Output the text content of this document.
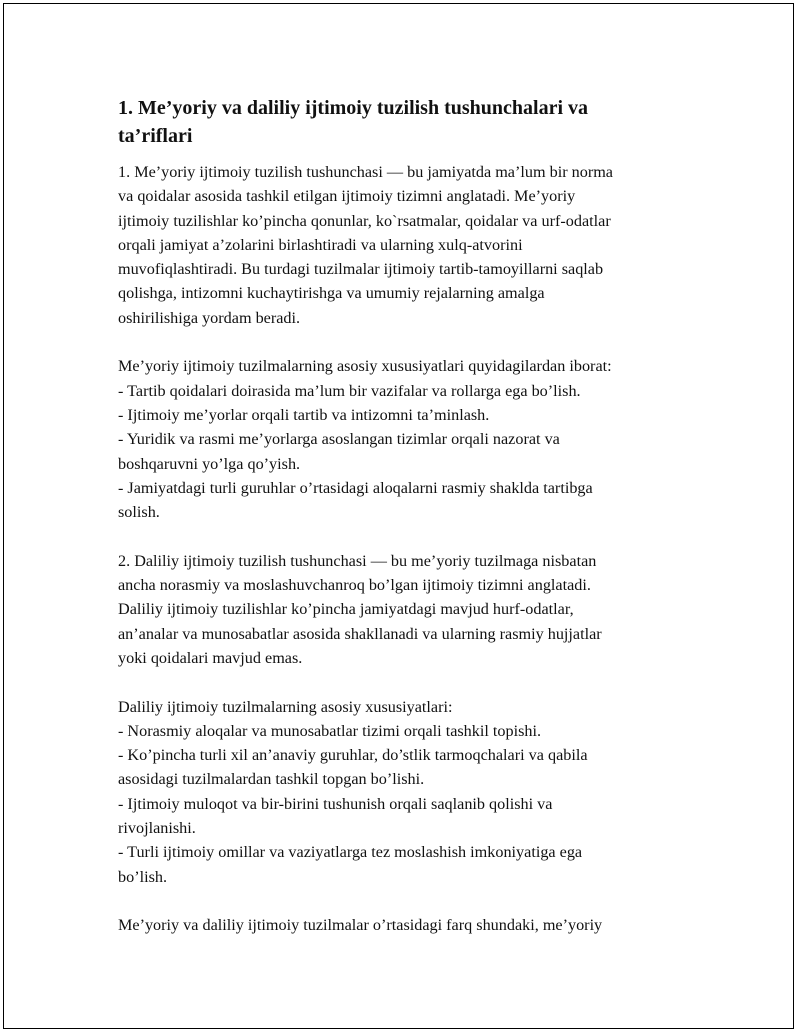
1. Me’yoriy va daliliy ijtimoiy tuzilish tushunchalari va
ta’riflari
1. Me’yoriy ijtimoiy tuzilish tushunchasi — bu jamiyatda ma’lum bir norma
va qoidalar asosida tashkil etilgan ijtimoiy tizimni anglatadi. Me’yoriy
ijtimoiy tuzilishlar ko’pincha qonunlar, ko`rsatmalar, qoidalar va urf-odatlar
orqali jamiyat a’zolarini birlashtiradi va ularning xulq-atvorini
muvofiqlashtiradi. Bu turdagi tuzilmalar ijtimoiy tartib-tamoyillarni saqlab
qolishga, intizomni kuchaytirishga va umumiy rejalarning amalga
oshirilishiga yordam beradi.
Me’yoriy ijtimoiy tuzilmalarning asosiy xususiyatlari quyidagilardan iborat:
- Tartib qoidalari doirasida ma’lum bir vazifalar va rollarga ega bo’lish.
- Ijtimoiy me’yorlar orqali tartib va intizomni ta’minlash.
- Yuridik va rasmi me’yorlarga asoslangan tizimlar orqali nazorat va
boshqaruvni yo’lga qo’yish.
- Jamiyatdagi turli guruhlar o’rtasidagi aloqalarni rasmiy shaklda tartibga
solish.
2. Daliliy ijtimoiy tuzilish tushunchasi — bu me’yoriy tuzilmaga nisbatan
ancha norasmiy va moslashuvchanroq bo’lgan ijtimoiy tizimni anglatadi.
Daliliy ijtimoiy tuzilishlar ko’pincha jamiyatdagi mavjud hurf-odatlar,
an’analar va munosabatlar asosida shakllanadi va ularning rasmiy hujjatlar
yoki qoidalari mavjud emas.
Daliliy ijtimoiy tuzilmalarning asosiy xususiyatlari:
- Norasmiy aloqalar va munosabatlar tizimi orqali tashkil topishi.
- Ko’pincha turli xil an’anaviy guruhlar, do’stlik tarmoqchalari va qabila
asosidagi tuzilmalardan tashkil topgan bo’lishi.
- Ijtimoiy muloqot va bir-birini tushunish orqali saqlanib qolishi va
rivojlanishi.
- Turli ijtimoiy omillar va vaziyatlarga tez moslashish imkoniyatiga ega
bo’lish.
Me’yoriy va daliliy ijtimoiy tuzilmalar o’rtasidagi farq shundaki, me’yoriy
